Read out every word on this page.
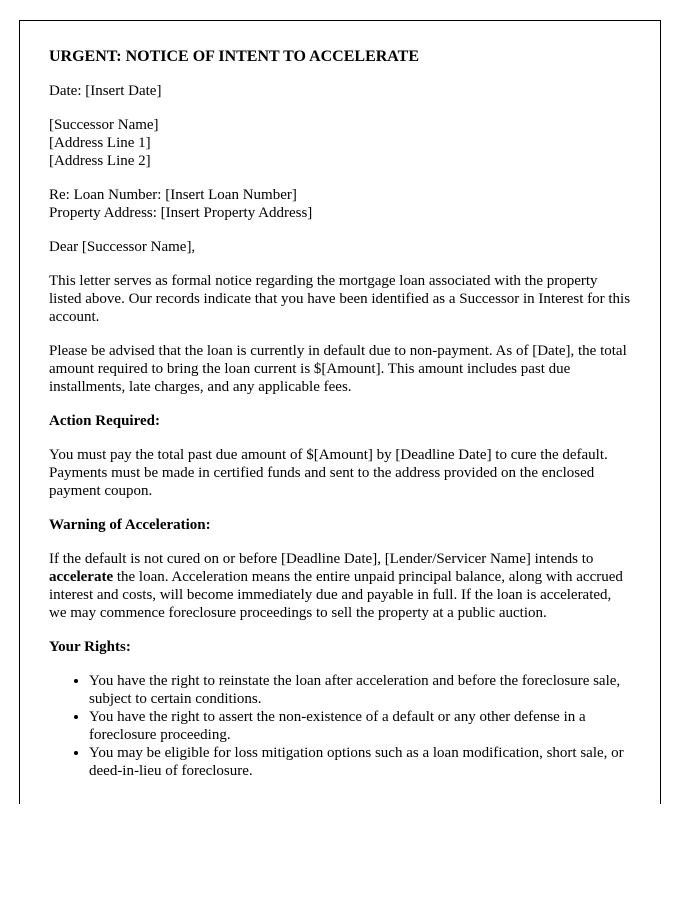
URGENT: NOTICE OF INTENT TO ACCELERATE

Date: [Insert Date]

[Successor Name]
[Address Line 1]
[Address Line 2]

Re: Loan Number: [Insert Loan Number]
Property Address: [Insert Property Address]

Dear [Successor Name],

This letter serves as formal notice regarding the mortgage loan associated with the property listed above. Our records indicate that you have been identified as a Successor in Interest for this account.

Please be advised that the loan is currently in default due to non-payment. As of [Date], the total amount required to bring the loan current is $[Amount]. This amount includes past due installments, late charges, and any applicable fees.

Action Required:

You must pay the total past due amount of $[Amount] by [Deadline Date] to cure the default. Payments must be made in certified funds and sent to the address provided on the enclosed payment coupon.

Warning of Acceleration:

If the default is not cured on or before [Deadline Date], [Lender/Servicer Name] intends to accelerate the loan. Acceleration means the entire unpaid principal balance, along with accrued interest and costs, will become immediately due and payable in full. If the loan is accelerated, we may commence foreclosure proceedings to sell the property at a public auction.

Your Rights:
• You have the right to reinstate the loan after acceleration and before the foreclosure sale, subject to certain conditions.
• You have the right to assert the non-existence of a default or any other defense in a foreclosure proceeding.
• You may be eligible for loss mitigation options such as a loan modification, short sale, or deed-in-lieu of foreclosure.
